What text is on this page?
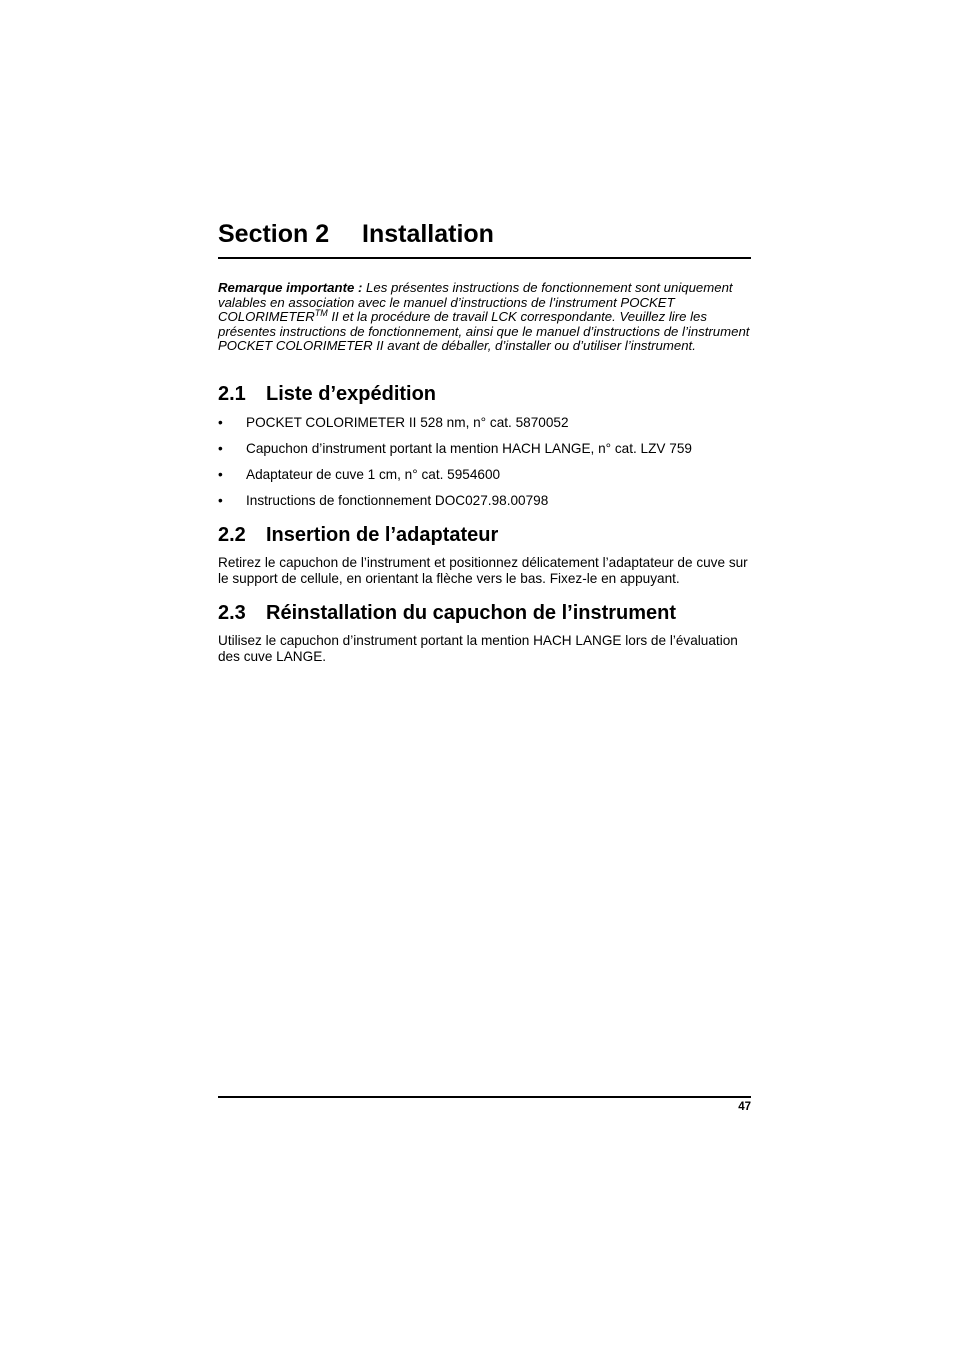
Section 2 Installation

Remarque importante : Les présentes instructions de fonctionnement sont uniquement valables en association avec le manuel d’instructions de l’instrument POCKET COLORIMETER™ II et la procédure de travail LCK correspondante. Veuillez lire les présentes instructions de fonctionnement, ainsi que le manuel d’instructions de l’instrument POCKET COLORIMETER II avant de déballer, d’installer ou d’utiliser l’instrument.

2.1 Liste d’expédition
• POCKET COLORIMETER II 528 nm, n° cat. 5870052
• Capuchon d’instrument portant la mention HACH LANGE, n° cat. LZV 759
• Adaptateur de cuve 1 cm, n° cat. 5954600
• Instructions de fonctionnement DOC027.98.00798
2.2 Insertion de l’adaptateur

Retirez le capuchon de l’instrument et positionnez délicatement l’adaptateur de cuve sur le support de cellule, en orientant la flèche vers le bas. Fixez-le en appuyant.

2.3 Réinstallation du capuchon de l’instrument

Utilisez le capuchon d’instrument portant la mention HACH LANGE lors de l’évaluation des cuve LANGE.

47
